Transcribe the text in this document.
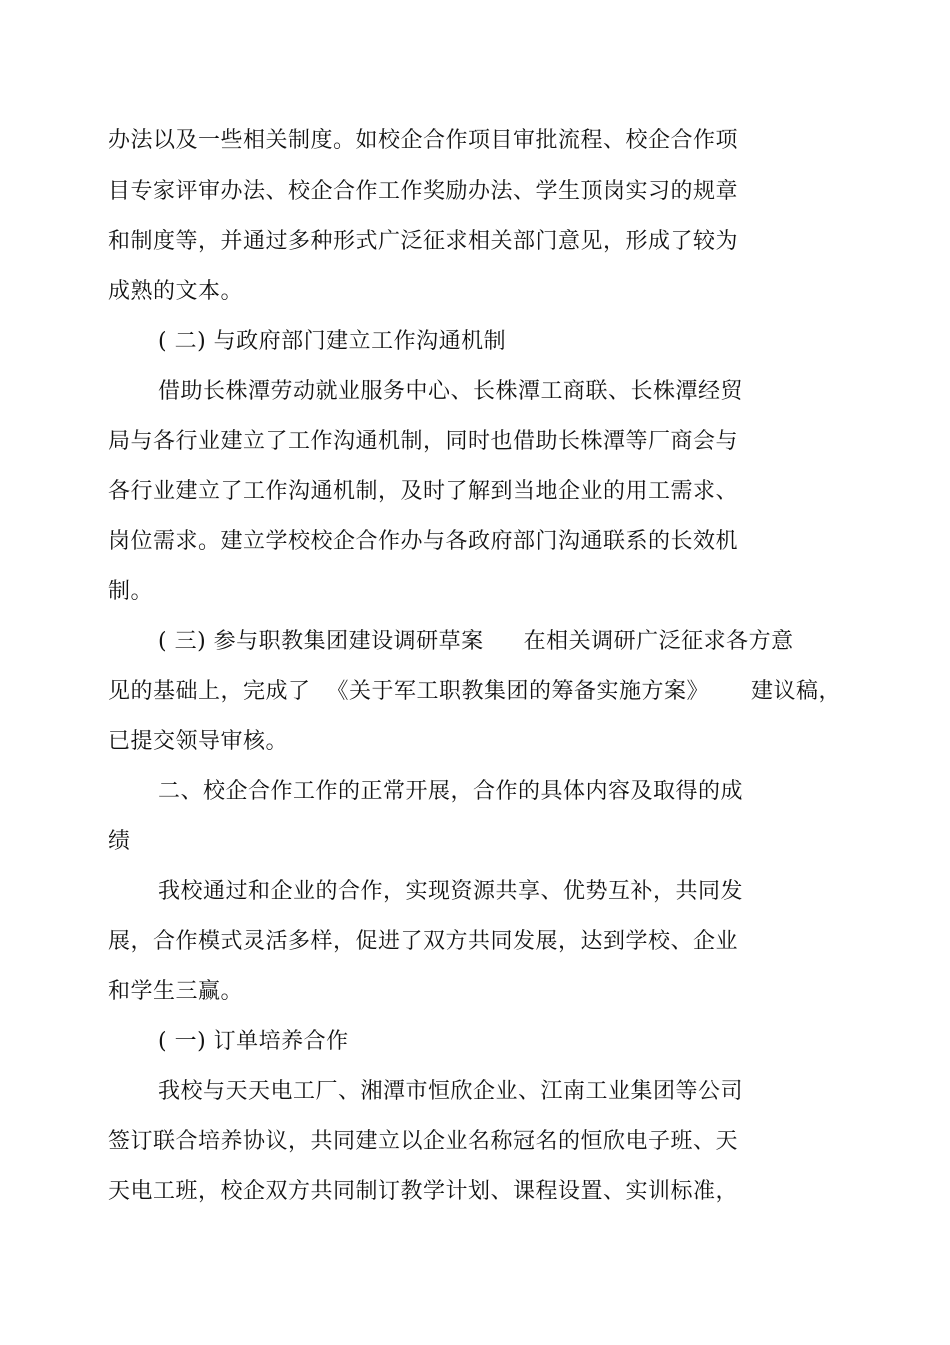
办法以及一些相关制度。如校企合作项目审批流程、校企合作项
目专家评审办法、校企合作工作奖励办法、学生顶岗实习的规章
和制度等，并通过多种形式广泛征求相关部门意见，形成了较为
成熟的文本。
( 二) 与政府部门建立工作沟通机制
借助长株潭劳动就业服务中心、长株潭工商联、长株潭经贸
局与各行业建立了工作沟通机制，同时也借助长株潭等厂商会与
各行业建立了工作沟通机制，及时了解到当地企业的用工需求、
岗位需求。建立学校校企合作办与各政府部门沟通联系的长效机
制。
( 三) 参与职教集团建设调研草案 在相关调研广泛征求各方意
见的基础上，完成了 《关于军工职教集团的筹备实施方案》 建议稿，
已提交领导审核。
二、校企合作工作的正常开展，合作的具体内容及取得的成
绩
我校通过和企业的合作，实现资源共享、优势互补，共同发
展，合作模式灵活多样，促进了双方共同发展，达到学校、企业
和学生三赢。
( 一) 订单培养合作
我校与天天电工厂、湘潭市恒欣企业、江南工业集团等公司
签订联合培养协议，共同建立以企业名称冠名的恒欣电子班、天
天电工班，校企双方共同制订教学计划、课程设置、实训标准，
